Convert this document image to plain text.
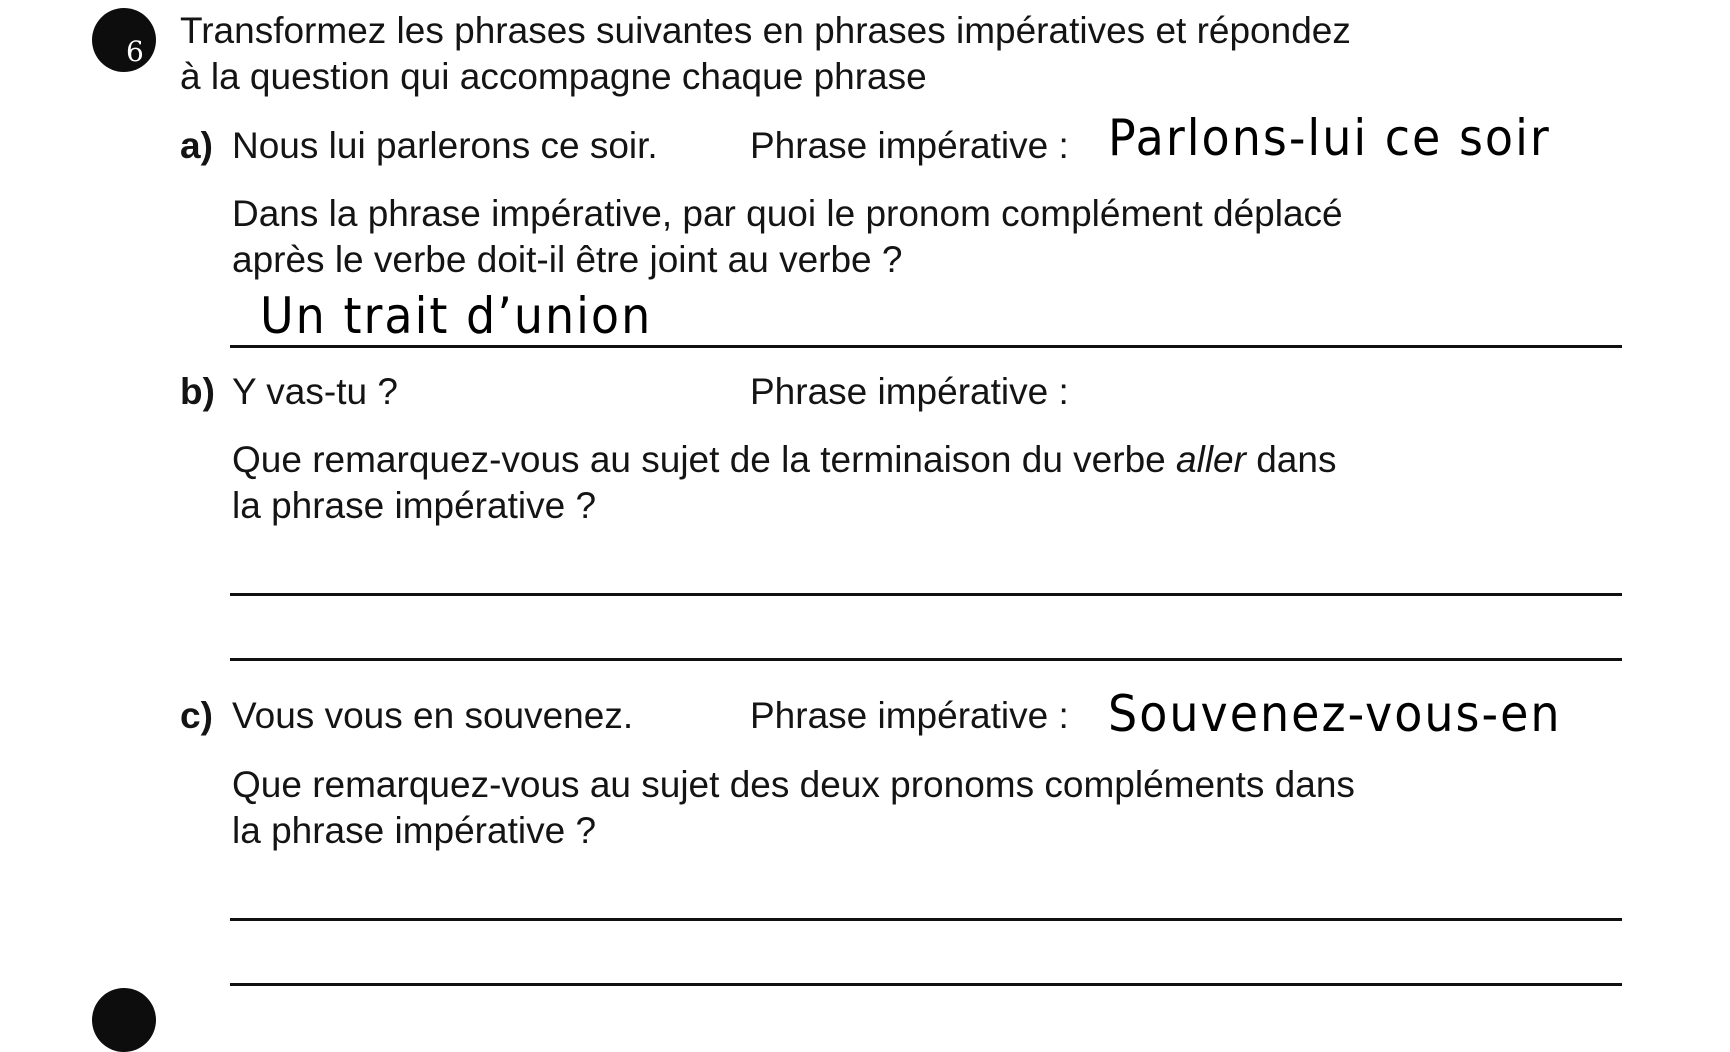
6
Transformez les phrases suivantes en phrases impératives et répondez
à la question qui accompagne chaque phrase
a) Nous lui parlerons ce soir. Phrase impérative : Parlons-lui ce soir
Dans la phrase impérative, par quoi le pronom complément déplacé
après le verbe doit-il être joint au verbe ?
Un trait d’union
b) Y vas-tu ?	Phrase impérative :
Que remarquez-vous au sujet de la terminaison du verbe aller dans
la phrase impérative ?
c) Vous vous en souvenez.	Phrase impérative : Souvenez-vous-en
Que remarquez-vous au sujet des deux pronoms compléments dans
la phrase impérative ?
